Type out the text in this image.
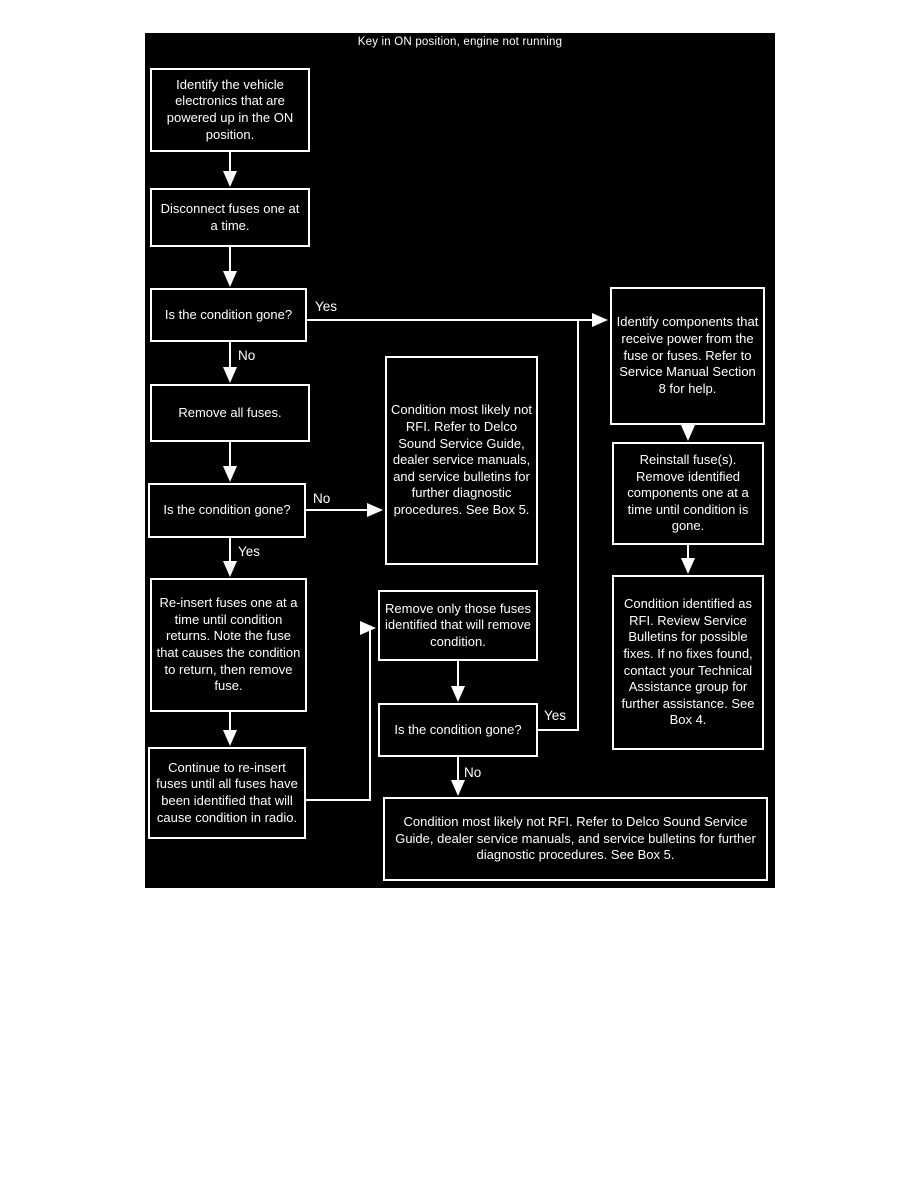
Key in ON position, engine not running
Identify the vehicle electronics that are powered up in the ON position.
Disconnect fuses one at a time.
Is the condition gone?
Remove all fuses.
Is the condition gone?
Re-insert fuses one at a time until condition returns. Note the fuse that causes the condition to return, then remove fuse.
Continue to re-insert fuses until all fuses have been identified that will cause condition in radio.
Condition most likely not RFI. Refer to Delco Sound Service Guide, dealer service manuals, and service bulletins for further diagnostic procedures. See Box 5.
Remove only those fuses identified that will remove condition.
Is the condition gone?
Condition most likely not RFI. Refer to Delco Sound Service Guide, dealer service manuals, and service bulletins for further diagnostic procedures. See Box 5.
Identify components that receive power from the fuse or fuses. Refer to Service Manual Section 8 for help.
Reinstall fuse(s). Remove identified components one at a time until condition is gone.
Condition identified as RFI. Review Service Bulletins for possible fixes. If no fixes found, contact your Technical Assistance group for further assistance. See Box 4.
Yes
No
No
Yes
Yes
No
